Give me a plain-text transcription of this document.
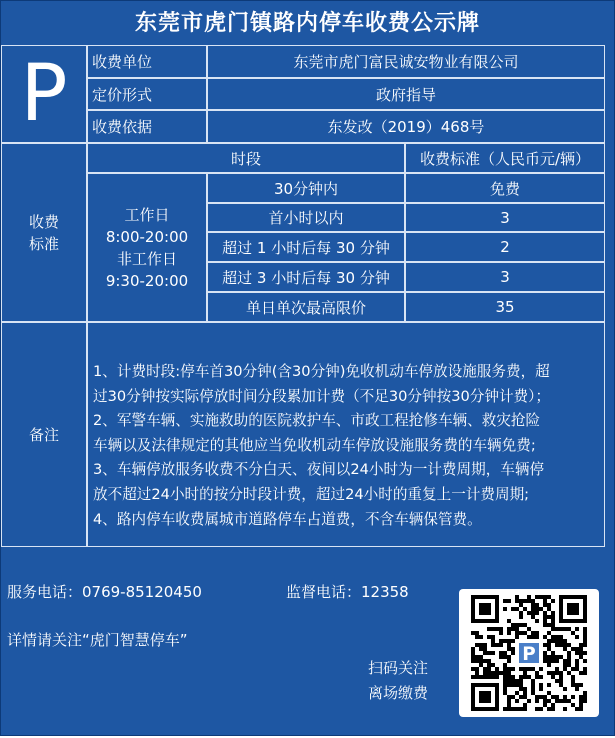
东莞市虎门镇路内停车收费公示牌
P	收费单位	东莞市虎门富民诚安物业有限公司
定价形式	政府指导
收费依据	东发改（2019）468号
收费
标准
时段	收费标准（人民币元/辆）
工作日
8:00-20:00
非工作日
9:30-20:00
30分钟内	免费
首小时以内	3
超过 1 小时后每 30 分钟	2
超过 3 小时后每 30 分钟	3
单日单次最高限价	35
备注
1、计费时段:停车首30分钟(含30分钟)免收机动车停放设施服务费，超
过30分钟按实际停放时间分段累加计费（不足30分钟按30分钟计费）；
2、军警车辆、实施救助的医院救护车、市政工程抢修车辆、救灾抢险
车辆以及法律规定的其他应当免收机动车停放设施服务费的车辆免费;
3、车辆停放服务收费不分白天、夜间以24小时为一计费周期，车辆停
放不超过24小时的按分时段计费，超过24小时的重复上一计费周期;
4、路内停车收费属城市道路停车占道费，不含车辆保管费。
服务电话：0769-85120450	监督电话：12358
详情请关注“虎门智慧停车”
扫码关注
离场缴费
P
